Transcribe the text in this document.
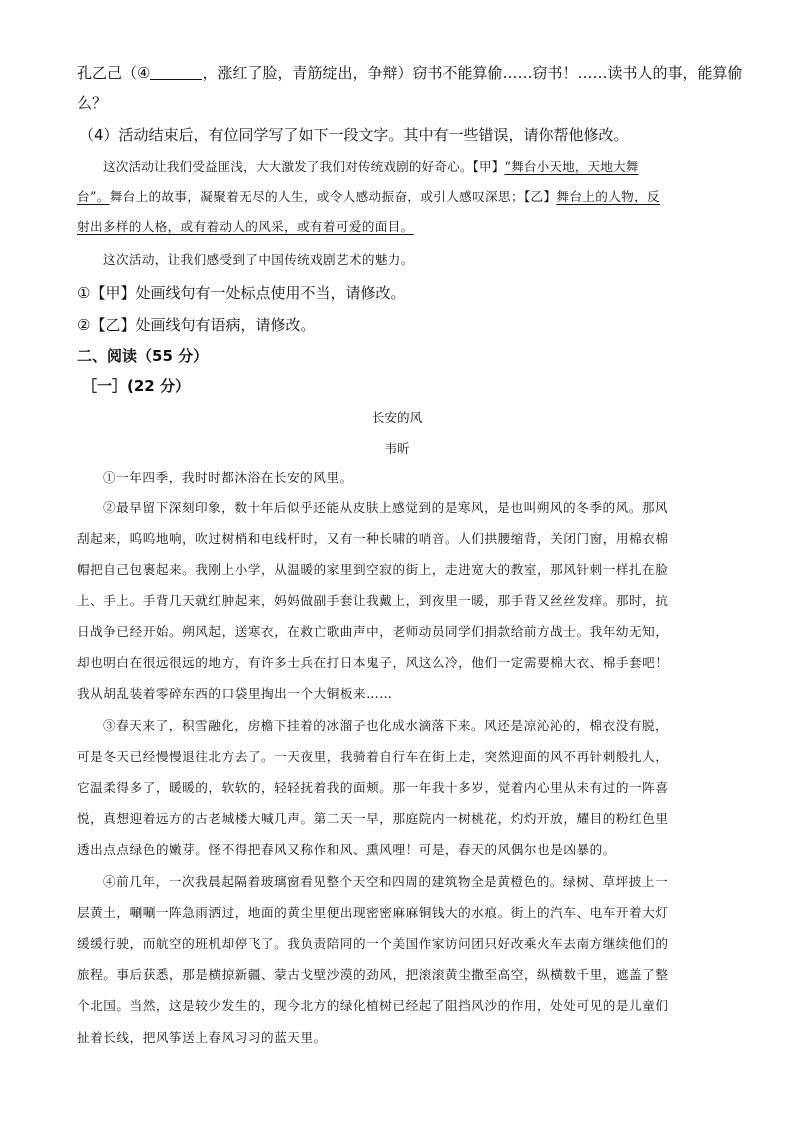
孔乙己（④	，涨红了脸，青筋绽出，争辩）窃书不能算偷……窃书！……读书人的事，能算偷

么？

（4）活动结束后，有位同学写了如下一段文字。其中有一些错误，请你帮他修改。

这次活动让我们受益匪浅，大大激发了我们对传统戏剧的好奇心。【甲】“舞台小天地，天地大舞

台”。舞台上的故事，凝聚着无尽的人生，或令人感动振奋，或引人感叹深思；【乙】舞台上的人物，反

射出多样的人格，或有着动人的风采，或有着可爱的面目。

这次活动，让我们感受到了中国传统戏剧艺术的魅力。

①【甲】处画线句有一处标点使用不当，请修改。

②【乙】处画线句有语病，请修改。

二、阅读（55 分）

［一］(22 分）

长安的风

韦昕

①一年四季，我时时都沐浴在长安的风里。

②最早留下深刻印象，数十年后似乎还能从皮肤上感觉到的是寒风，是也叫朔风的冬季的风。那风

刮起来，呜呜地响，吹过树梢和电线杆时，又有一种长啸的哨音。人们拱腰缩背，关闭门窗，用棉衣棉

帽把自己包裹起来。我刚上小学，从温暖的家里到空寂的街上，走进宽大的教室，那风针刺一样扎在脸

上、手上。手背几天就红肿起来，妈妈做副手套让我戴上，到夜里一暖，那手背又丝丝发痒。那时，抗

日战争已经开始。朔风起，送寒衣，在救亡歌曲声中，老师动员同学们捐款给前方战士。我年幼无知，

却也明白在很远很远的地方，有许多士兵在打日本鬼子，风这么冷，他们一定需要棉大衣、棉手套吧！

我从胡乱装着零碎东西的口袋里掏出一个大铜板来……

③春天来了，积雪融化，房檐下挂着的冰溜子也化成水滴落下来。风还是凉沁沁的，棉衣没有脱，

可是冬天已经慢慢退往北方去了。一天夜里，我骑着自行车在街上走，突然迎面的风不再针刺般扎人，

它温柔得多了，暖暖的，软软的，轻轻抚着我的面颊。那一年我十多岁，觉着内心里从未有过的一阵喜

悦，真想迎着远方的古老城楼大喊几声。第二天一早，那庭院内一树桃花，灼灼开放，耀目的粉红色里

透出点点绿色的嫩芽。怪不得把春风又称作和风、熏风哩！可是，春天的风偶尔也是凶暴的。

④前几年，一次我晨起隔着玻璃窗看见整个天空和四周的建筑物全是黄橙色的。绿树、草坪披上一

层黄土，唰唰一阵急雨洒过，地面的黄尘里便出现密密麻麻铜钱大的水痕。街上的汽车、电车开着大灯

缓缓行驶，而航空的班机却停飞了。我负责陪同的一个美国作家访问团只好改乘火车去南方继续他们的

旅程。事后获悉，那是横掠新疆、蒙古戈壁沙漠的劲风，把滚滚黄尘撒至高空，纵横数千里，遮盖了整

个北国。当然，这是较少发生的，现今北方的绿化植树已经起了阻挡风沙的作用，处处可见的是儿童们

扯着长线，把风筝送上春风习习的蓝天里。
